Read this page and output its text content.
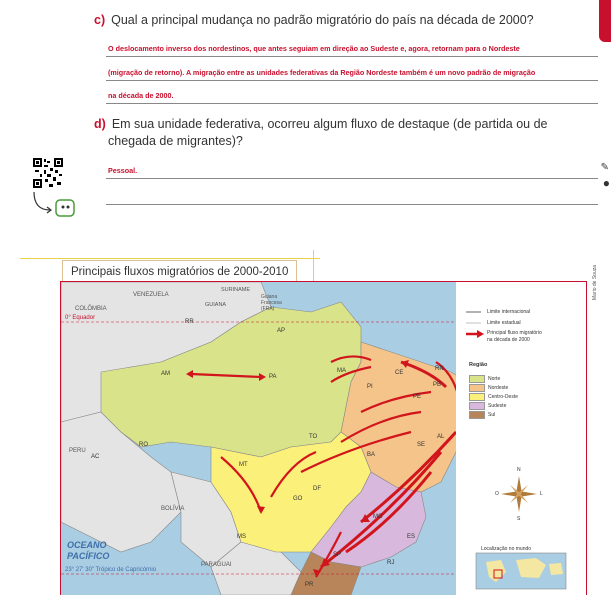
✎
●
c) Qual a principal mudança no padrão migratório do país na década de 2000?
O deslocamento inverso dos nordestinos, que antes seguiam em direção ao Sudeste e, agora, retornam para o Nordeste
(migração de retorno). A migração entre as unidades federativas da Região Nordeste também é um novo padrão de migração
na década de 2000.
d) Em sua unidade federativa, ocorreu algum fluxo de destaque (de partida ou de
chegada de migrantes)?
Pessoal.
Principais fluxos migratórios de 2000-2010	Mario de Souza
VENEZUELA
COLÔMBIA
SURINAME
GUIANA
Guiana Francesa (FRA)
PERU
BOLÍVIA
PARAGUAI
RR
AP
AM	PA
MA	CE
RN
PB
PE
AL
SE
PI
AC
RO
TO
BA
MT
GO
DF
MG
MS	ES
SP
RJ
PR
0° Equador
OCEANO
PACÍFICO
23° 27' 30" Trópico de Capricórnio
Limite internacional
Limite estadual
Principal fluxo migratório
na década de 2000
Região
Norte
Nordeste
Centro-Oeste
Sudeste
Sul
N
S
L
O
Localização no mundo
